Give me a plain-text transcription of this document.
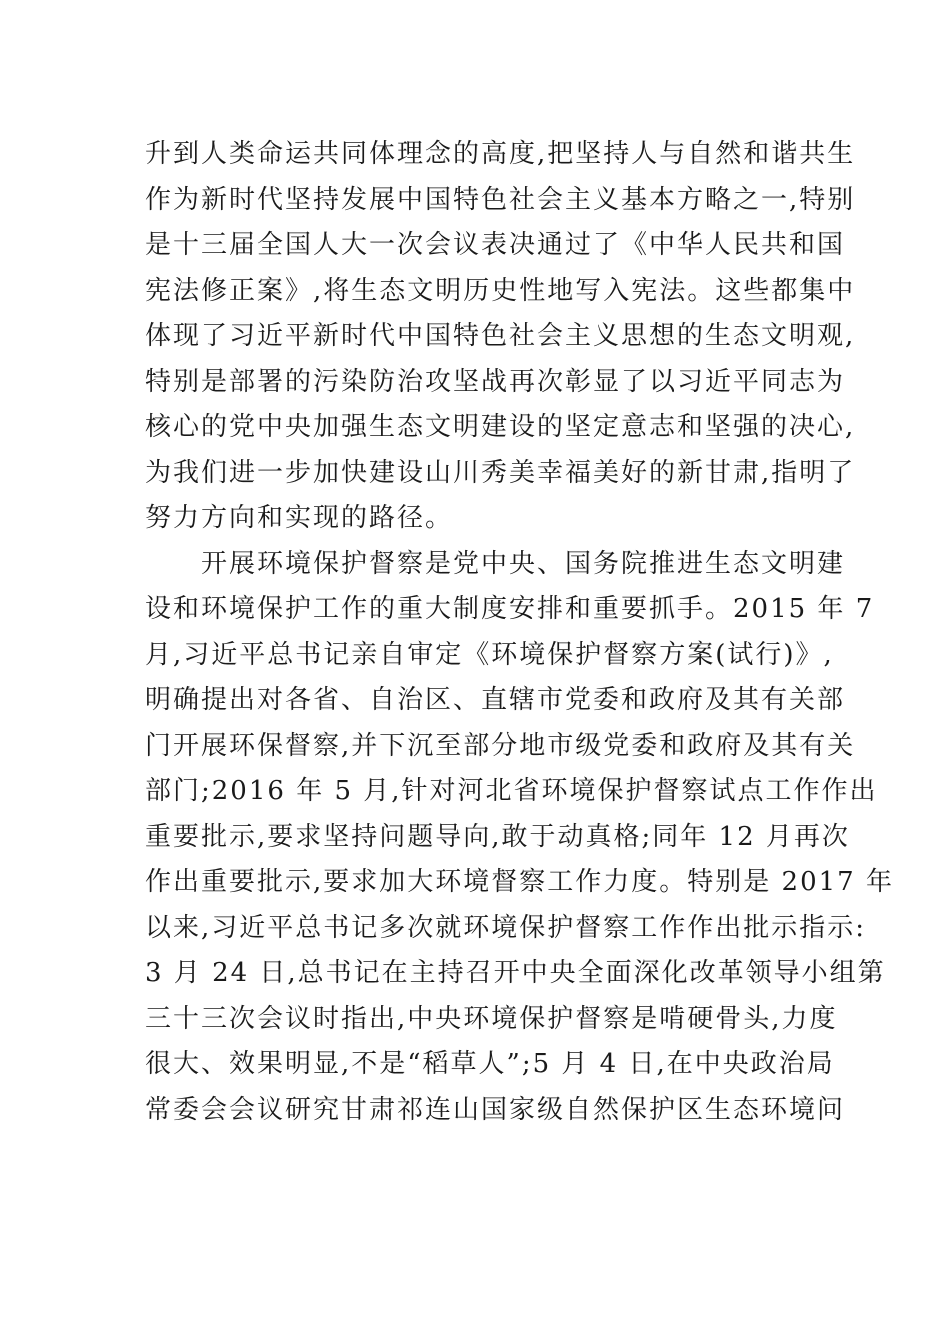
升到人类命运共同体理念的高度,把坚持人与自然和谐共生
作为新时代坚持发展中国特色社会主义基本方略之一,特别
是十三届全国人大一次会议表决通过了《中华人民共和国
宪法修正案》,将生态文明历史性地写入宪法。这些都集中
体现了习近平新时代中国特色社会主义思想的生态文明观,
特别是部署的污染防治攻坚战再次彰显了以习近平同志为
核心的党中央加强生态文明建设的坚定意志和坚强的决心,
为我们进一步加快建设山川秀美幸福美好的新甘肃,指明了
努力方向和实现的路径。
开展环境保护督察是党中央、国务院推进生态文明建
设和环境保护工作的重大制度安排和重要抓手。2015 年 7
月,习近平总书记亲自审定《环境保护督察方案(试行)》,
明确提出对各省、自治区、直辖市党委和政府及其有关部
门开展环保督察,并下沉至部分地市级党委和政府及其有关
部门;2016 年 5 月,针对河北省环境保护督察试点工作作出
重要批示,要求坚持问题导向,敢于动真格;同年 12 月再次
作出重要批示,要求加大环境督察工作力度。特别是 2017 年
以来,习近平总书记多次就环境保护督察工作作出批示指示:
3 月 24 日,总书记在主持召开中央全面深化改革领导小组第
三十三次会议时指出,中央环境保护督察是啃硬骨头,力度
很大、效果明显,不是“稻草人”;5 月 4 日,在中央政治局
常委会会议研究甘肃祁连山国家级自然保护区生态环境问
